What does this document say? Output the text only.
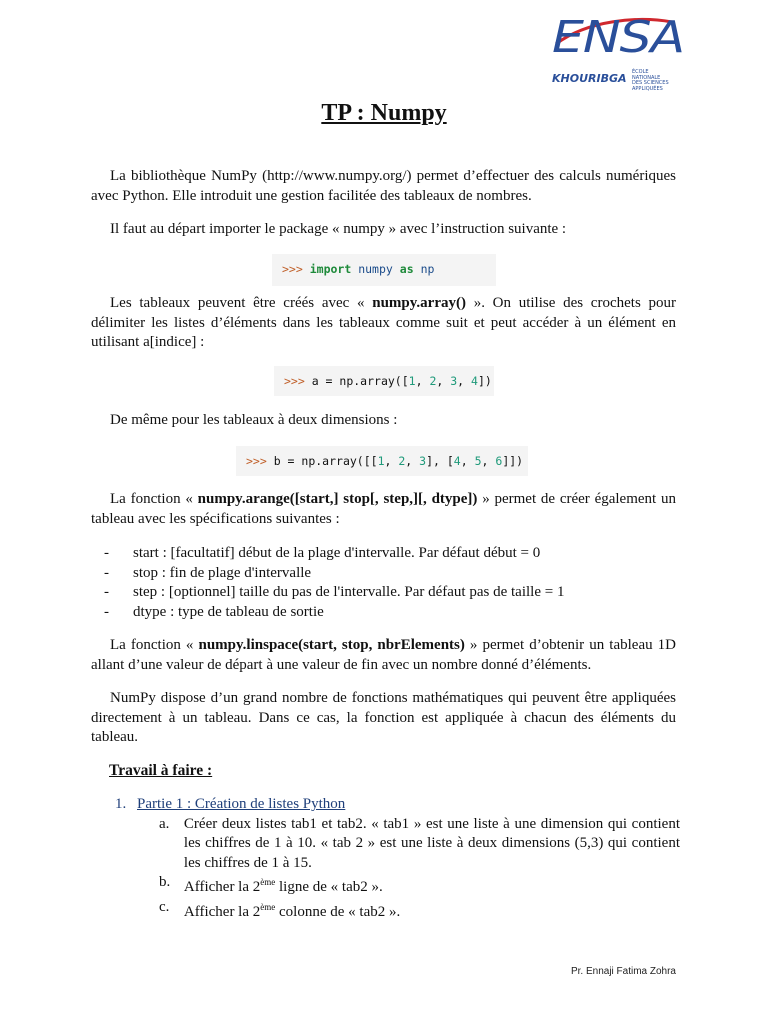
ENSA
KHOURIBGA ÉCOLE
NATIONALE
DES SCIENCES
APPLIQUÉES
TP : Numpy

La bibliothèque NumPy (http://www.numpy.org/) permet d’effectuer des calculs numériques avec Python. Elle introduit une gestion facilitée des tableaux de nombres.

Il faut au départ importer le package « numpy » avec l’instruction suivante :

>>> import numpy as np

Les tableaux peuvent être créés avec « numpy.array() ». On utilise des crochets pour délimiter les listes d’éléments dans les tableaux comme suit et peut accéder à un élément en utilisant a[indice] :

>>> a = np.array([1, 2, 3, 4])

De même pour les tableaux à deux dimensions :

>>> b = np.array([[1, 2, 3], [4, 5, 6]])

La fonction « numpy.arange([start,] stop[, step,][, dtype]) » permet de créer également un tableau avec les spécifications suivantes :

-	start : [facultatif] début de la plage d'intervalle. Par défaut début = 0
-	stop : fin de plage d'intervalle
-	step : [optionnel] taille du pas de l'intervalle. Par défaut pas de taille = 1
-	dtype : type de tableau de sortie

La fonction « numpy.linspace(start, stop, nbrElements) » permet d’obtenir un tableau 1D allant d’une valeur de départ à une valeur de fin avec un nombre donné d’éléments.

NumPy dispose d’un grand nombre de fonctions mathématiques qui peuvent être appliquées directement à un tableau. Dans ce cas, la fonction est appliquée à chacun des éléments du tableau.

Travail à faire :
1. Partie 1 : Création de listes Python
a. Créer deux listes tab1 et tab2. « tab1 » est une liste à une dimension qui contient les chiffres de 1 à 10. « tab 2 » est une liste à deux dimensions (5,3) qui contient les chiffres de 1 à 15.
b. Afficher la 2ème ligne de « tab2 ».
c. Afficher la 2ème colonne de « tab2 ».
Pr. Ennaji Fatima Zohra
